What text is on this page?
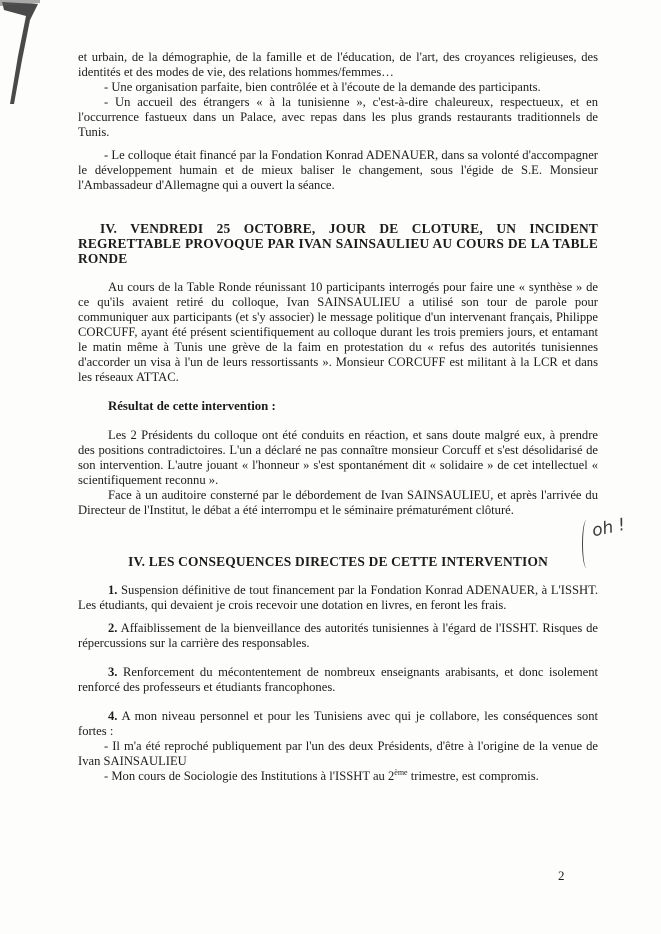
et urbain, de la démographie, de la famille et de l'éducation, de l'art, des croyances religieuses, des identités et des modes de vie, des relations hommes/femmes…

- Une organisation parfaite, bien contrôlée et à l'écoute de la demande des participants.

- Un accueil des étrangers « à la tunisienne », c'est-à-dire chaleureux, respectueux, et en l'occurrence fastueux dans un Palace, avec repas dans les plus grands restaurants traditionnels de Tunis.

- Le colloque était financé par la Fondation Konrad ADENAUER, dans sa volonté d'accompagner le développement humain et de mieux baliser le changement, sous l'égide de S.E. Monsieur l'Ambassadeur d'Allemagne qui a ouvert la séance.

IV. VENDREDI 25 OCTOBRE, JOUR DE CLOTURE, UN INCIDENT REGRETTABLE PROVOQUE PAR IVAN SAINSAULIEU AU COURS DE LA TABLE RONDE

Au cours de la Table Ronde réunissant 10 participants interrogés pour faire une « synthèse » de ce qu'ils avaient retiré du colloque, Ivan SAINSAULIEU a utilisé son tour de parole pour communiquer aux participants (et s'y associer) le message politique d'un intervenant français, Philippe CORCUFF, ayant été présent scientifiquement au colloque durant les trois premiers jours, et entamant le matin même à Tunis une grève de la faim en protestation du « refus des autorités tunisiennes d'accorder un visa à l'un de leurs ressortissants ». Monsieur CORCUFF est militant à la LCR et dans les réseaux ATTAC.

Résultat de cette intervention :

Les 2 Présidents du colloque ont été conduits en réaction, et sans doute malgré eux, à prendre des positions contradictoires. L'un a déclaré ne pas connaître monsieur Corcuff et s'est désolidarisé de son intervention. L'autre jouant « l'honneur » s'est spontanément dit « solidaire » de cet intellectuel « scientifiquement reconnu ».

Face à un auditoire consterné par le débordement de Ivan SAINSAULIEU, et après l'arrivée du Directeur de l'Institut, le débat a été interrompu et le séminaire prématurément clôturé.

IV. LES CONSEQUENCES DIRECTES DE CETTE INTERVENTION

1. Suspension définitive de tout financement par la Fondation Konrad ADENAUER, à L'ISSHT. Les étudiants, qui devaient je crois recevoir une dotation en livres, en feront les frais.

2. Affaiblissement de la bienveillance des autorités tunisiennes à l'égard de l'ISSHT. Risques de répercussions sur la carrière des responsables.

3. Renforcement du mécontentement de nombreux enseignants arabisants, et donc isolement renforcé des professeurs et étudiants francophones.

4. A mon niveau personnel et pour les Tunisiens avec qui je collabore, les conséquences sont fortes :

- Il m'a été reproché publiquement par l'un des deux Présidents, d'être à l'origine de la venue de Ivan SAINSAULIEU

- Mon cours de Sociologie des Institutions à l'ISSHT au 2ème trimestre, est compromis.

oh !
2
